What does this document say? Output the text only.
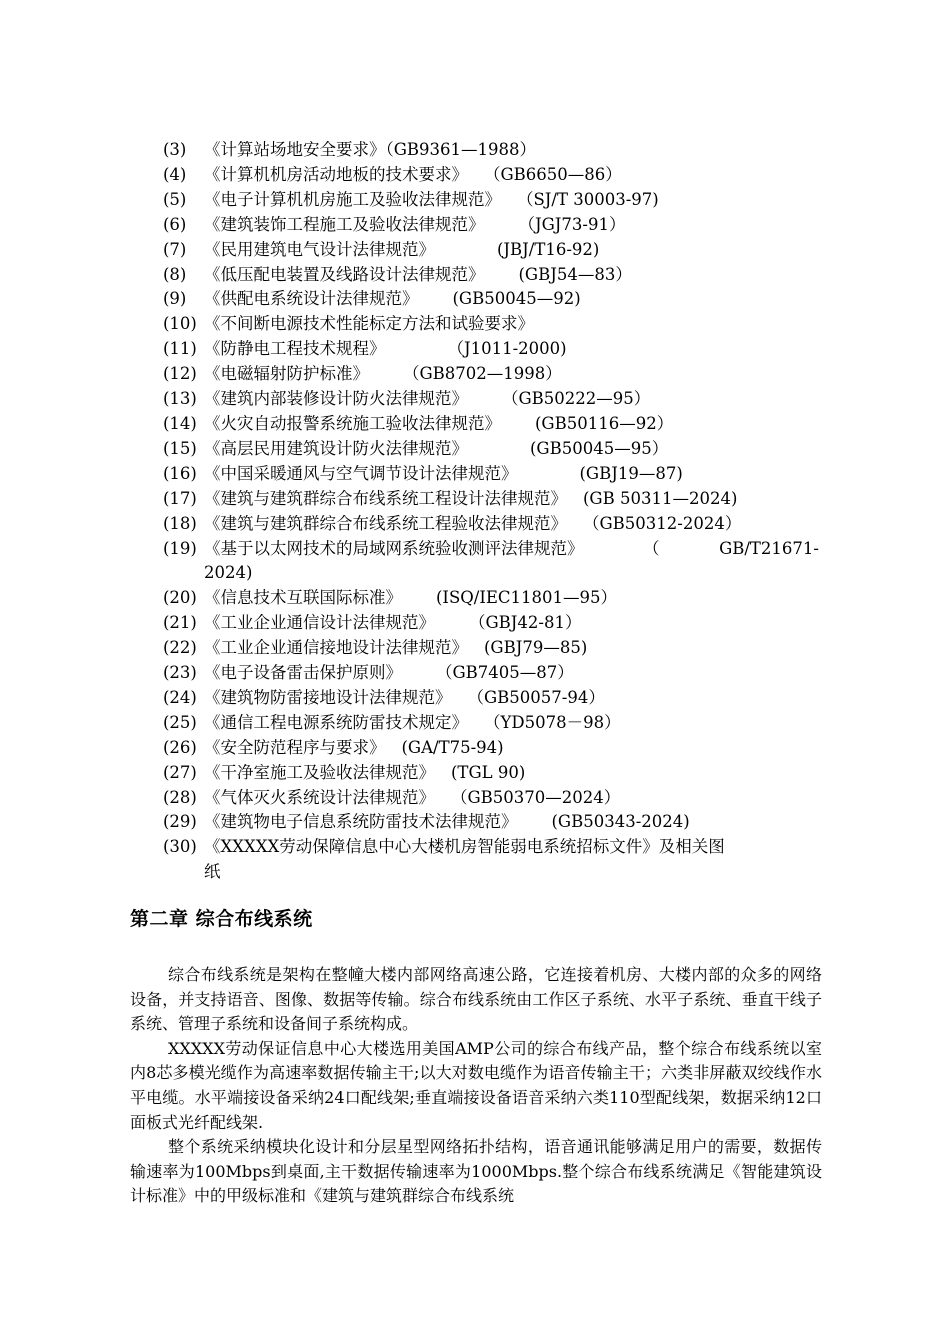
(3) 《计算站场地安全要求》（GB9361—1988）
(4) 《计算机机房活动地板的技术要求》 （GB6650—86）
(5) 《电子计算机机房施工及验收法律规范》 （SJ/T 30003-97)
(6) 《建筑装饰工程施工及验收法律规范》 （JGJ73-91）
(7) 《民用建筑电气设计法律规范》	(JBJ/T16-92)
(8) 《低压配电装置及线路设计法律规范》 (GBJ54—83）
(9) 《供配电系统设计法律规范》 (GB50045—92)
(10) 《不间断电源技术性能标定方法和试验要求》
(11) 《防静电工程技术规程》	（J1011-2000)
(12) 《电磁辐射防护标准》 （GB8702—1998）
(13) 《建筑内部装修设计防火法律规范》 （GB50222—95）
(14) 《火灾自动报警系统施工验收法律规范》 (GB50116—92）
(15) 《高层民用建筑设计防火法律规范》	(GB50045—95）
(16) 《中国采暖通风与空气调节设计法律规范》	(GBJ19—87)
(17) 《建筑与建筑群综合布线系统工程设计法律规范》 (GB 50311—2024)
(18) 《建筑与建筑群综合布线系统工程验收法律规范》 （GB50312-2024）
(19) 《基于以太网技术的局域网系统验收测评法律规范》	（	GB/T21671-
2024)
(20) 《信息技术互联国际标准》 (ISQ/IEC11801—95）
(21) 《工业企业通信设计法律规范》 （GBJ42-81）
(22) 《工业企业通信接地设计法律规范》 (GBJ79—85)
(23) 《电子设备雷击保护原则》 （GB7405—87）
(24) 《建筑物防雷接地设计法律规范》 （GB50057-94）
(25) 《通信工程电源系统防雷技术规定》 （YD5078－98）
(26) 《安全防范程序与要求》 (GA/T75-94)
(27) 《干净室施工及验收法律规范》 (TGL 90)
(28) 《气体灭火系统设计法律规范》 （GB50370—2024）
(29) 《建筑物电子信息系统防雷技术法律规范》 (GB50343-2024)
(30) 《XXXXX劳动保障信息中心大楼机房智能弱电系统招标文件》及相关图
纸
第二章 综合布线系统

综合布线系统是架构在整幢大楼内部网络高速公路，它连接着机房、大楼内部的众多的网络设备，并支持语音、图像、数据等传输。综合布线系统由工作区子系统、水平子系统、垂直干线子系统、管理子系统和设备间子系统构成。

XXXXX劳动保证信息中心大楼选用美国AMP公司的综合布线产品，整个综合布线系统以室内8芯多模光缆作为高速率数据传输主干;以大对数电缆作为语音传输主干；六类非屏蔽双绞线作水平电缆。水平端接设备采纳24口配线架;垂直端接设备语音采纳六类110型配线架，数据采纳12口面板式光纤配线架.

整个系统采纳模块化设计和分层星型网络拓扑结构，语音通讯能够满足用户的需要，数据传输速率为100Mbps到桌面,主干数据传输速率为1000Mbps.整个综合布线系统满足《智能建筑设计标准》中的甲级标准和《建筑与建筑群综合布线系统
